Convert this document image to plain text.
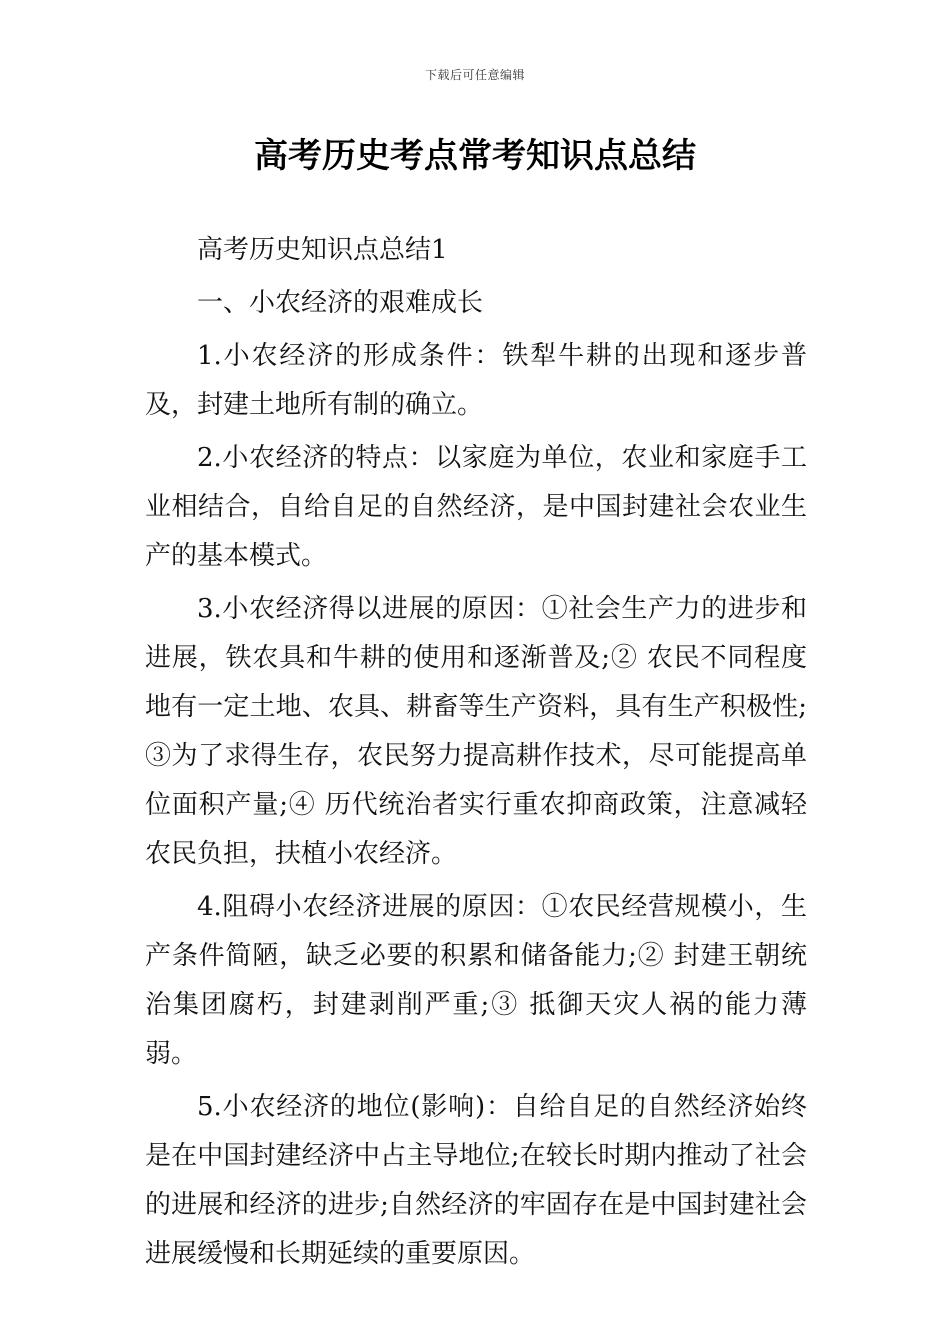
下载后可任意编辑
高考历史考点常考知识点总结

高考历史知识点总结1

一、小农经济的艰难成长

1.小农经济的形成条件：铁犁牛耕的出现和逐步普及，封建土地所有制的确立。

2.小农经济的特点：以家庭为单位，农业和家庭手工业相结合，自给自足的自然经济，是中国封建社会农业生产的基本模式。

3.小农经济得以进展的原因：①社会生产力的进步和进展，铁农具和牛耕的使用和逐渐普及;② 农民不同程度地有一定土地、农具、耕畜等生产资料，具有生产积极性;③为了求得生存，农民努力提高耕作技术，尽可能提高单位面积产量;④ 历代统治者实行重农抑商政策，注意减轻农民负担，扶植小农经济。

4.阻碍小农经济进展的原因：①农民经营规模小，生产条件简陋，缺乏必要的积累和储备能力;② 封建王朝统治集团腐朽，封建剥削严重;③ 抵御天灾人祸的能力薄弱。

5.小农经济的地位(影响)：自给自足的自然经济始终是在中国封建经济中占主导地位;在较长时期内推动了社会的进展和经济的进步;自然经济的牢固存在是中国封建社会进展缓慢和长期延续的重要原因。
